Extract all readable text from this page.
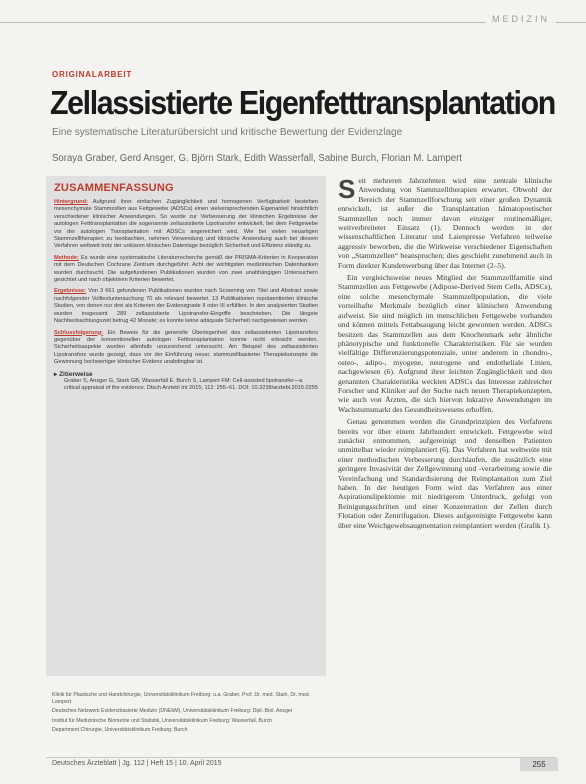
MEDIZIN
ORIGINALARBEIT
Zellassistierte Eigenfetttransplantation
Eine systematische Literaturübersicht und kritische Bewertung der Evidenzlage
Soraya Graber, Gerd Ansger, G. Björn Stark, Edith Wasserfall, Sabine Burch, Florian M. Lampert
ZUSAMMENFASSUNG

Hintergrund: Aufgrund ihrer einfachen Zugänglichkeit und homogenen Verfügbarkeit bestehen mesenchymale Stammzellen aus Fettgewebe (ADSCs) einen vielversprechenden Eigenanteil hinsichtlich verschiedener klinischer Anwendungen. So wurde zur Verbesserung der klinischen Ergebnisse der autologen Fetttransplantation die sogenannte zellassistierte Lipotransfer entwickelt, bei dem Fettgewebe vor der autologen Transplantation mit ADSCs angereichert wird. Wie bei vielen neuartigen Stammzelltherapien zu beobachten, nehmen Verwendung und klinische Anwendung auch bei diesem Verfahren weltweit trotz der unklaren klinischen Datenlage bezüglich Sicherheit und Effizienz ständig zu.

Methode: Es wurde eine systematische Literaturrecherche gemäß der PRISMA-Kriterien in Kooperation mit dem Deutschen Cochrane Zentrum durchgeführt. Acht der wichtigsten medizinischen Datenbanken wurden durchsucht. Die aufgefundenen Publikationen wurden von zwei unabhängigen Untersuchern gesichtet und nach objektiven Kriterien bewertet.

Ergebnisse: Von 3 661 gefundenen Publikationen wurden nach Screening von Titel und Abstract sowie nachfolgender Volltextuntersuchung 70 als relevant bewertet. 13 Publikationen repräsentierten klinische Studien, von denen nur drei als Kriterien der Evidenzgrade II oder III erfüllten. In den analysierten Studien wurden insgesamt 289 zellassistierte Lipotransfer-Eingriffe beschrieben. Die längste Nachbeobachtungszeit betrug 42 Monate; es konnte keine adäquate Sicherheit nachgewiesen werden.

Schlussfolgerung: Ein Beweis für die generelle Überlegenheit des zellassistierten Lipotransfers gegenüber der konventionellen autologen Fetttransplantation konnte nicht erbracht werden. Sicherheitsaspekte wurden allenfalls unzureichend untersucht. Am Beispiel des zellassistierten Lipotransfers wurde gezeigt, dass vor der Einführung neuer, stammzellbasierter Therapiekonzepte die Gewinnung hochwertiger klinischer Evidenz unabdingbar ist.

▸ Zitierweise
Graber S, Ansger G, Stark GB, Wasserfall E, Burch S, Lampert FM: Cell-assisted lipotransfer—a critical appraisal of the evidence. Dtsch Arztebl Int 2015; 112: 255–61. DOI: 10.3238/arztebl.2015.0255

Seit mehreren Jahrzehnten wird eine zentrale klinische Anwendung von Stammzelltherapien erwartet. Obwohl der Bereich der Stammzellforschung seit einer großen Dynamik entwickelt, ist außer die Transplantation hämatopoetischer Stammzellen noch immer davon einziger routinemäßiger, weitverbreiteter Einsatz (1). Dennoch werden in der wissenschaftlichen Literatur und Laienpresse Verfahren teilweise aggressiv beworben, die die Wirkweise verschiedener Eigenschaften von „Stammzellen“ beanspruchen; dies geschieht zunehmend auch in Form direkter Kundenwerbung über das Internet (2–5).

Ein vergleichsweise neues Mitglied der Stammzellfamilie sind Stammzellen aus Fettgewebe (Adipose-Derived Stem Cells, ADSCs), eine solche mesenchymale Stammzellpopulation, die viele vorteilhafte Merkmale bezüglich einer klinischen Anwendung aufweist. Sie sind möglich im menschlichen Fettgewebe vorhanden und können mittels Fettabsaugung leicht gewonnen werden. ADSCs besitzen das Stammzellen aus dem Knochenmark sehr ähnliche phänotypische und funktionelle Charakteristiken. Für sie wurden vielfältige Differenzierungspotenziale, unter anderem in chondro-, osteo-, adipo-, myogene, neurogene und endotheliale Linien, nachgewiesen (6). Aufgrund ihrer leichten Zugänglichkeit und den genannten Charakteristika weckten ADSCs das Interesse zahlreicher Forscher und Kliniker auf der Suche nach neuen Therapiekonzepten, wie auch von Ärzten, die sich hiervon lukrative Anwendungen im Wachstumsmarkt des Gesundheitswesens erhoffen.

Genau genommen werden die Grundprinzipien des Verfahrens bereits vor über einem Jahrhundert entwickelt. Fettgewebe wird zunächst entnommen, aufgereinigt und denselben Patienten unmittelbar wieder reimplantiert (6). Das Verfahren hat weltweite mit einer methodischen Verbesserung durchlaufen, die zusätzlich eine geringere Invasivität der Zellgewinnung und -verarbeitung sowie die Vereinfachung und Standardisierung der Reimplantation zum Ziel haben. In der heutigen Form wird das Verfahren aus einer Aspirationslipektomie mit niedrigerem Unterdruck, gefolgt von Reinigungsschritten und einer Konzentration der Zellen durch Flotation oder Zentrifugation. Dieses aufgereinigte Fettgewebe kann über eine Weichgewebsaugmentation reimplantiert werden (Grafik 1).

Klinik für Plastische und Handchirurgie, Universitätsklinikum Freiburg: u.a. Graber, Prof. Dr. med. Stark, Dr. med. Lampert
Deutsches Netzwerk Evidenzbasierte Medizin (DNEbM), Universitätsklinikum Freiburg: Dipl.-Biol. Ansger
Institut für Medizinische Biometrie und Statistik, Universitätsklinikum Freiburg: Wasserfall, Burch
Department Chirurgie, Universitätsklinikum Freiburg: Burch
Deutsches Ärzteblatt | Jg. 112 | Heft 15 | 10. April 2015	255
